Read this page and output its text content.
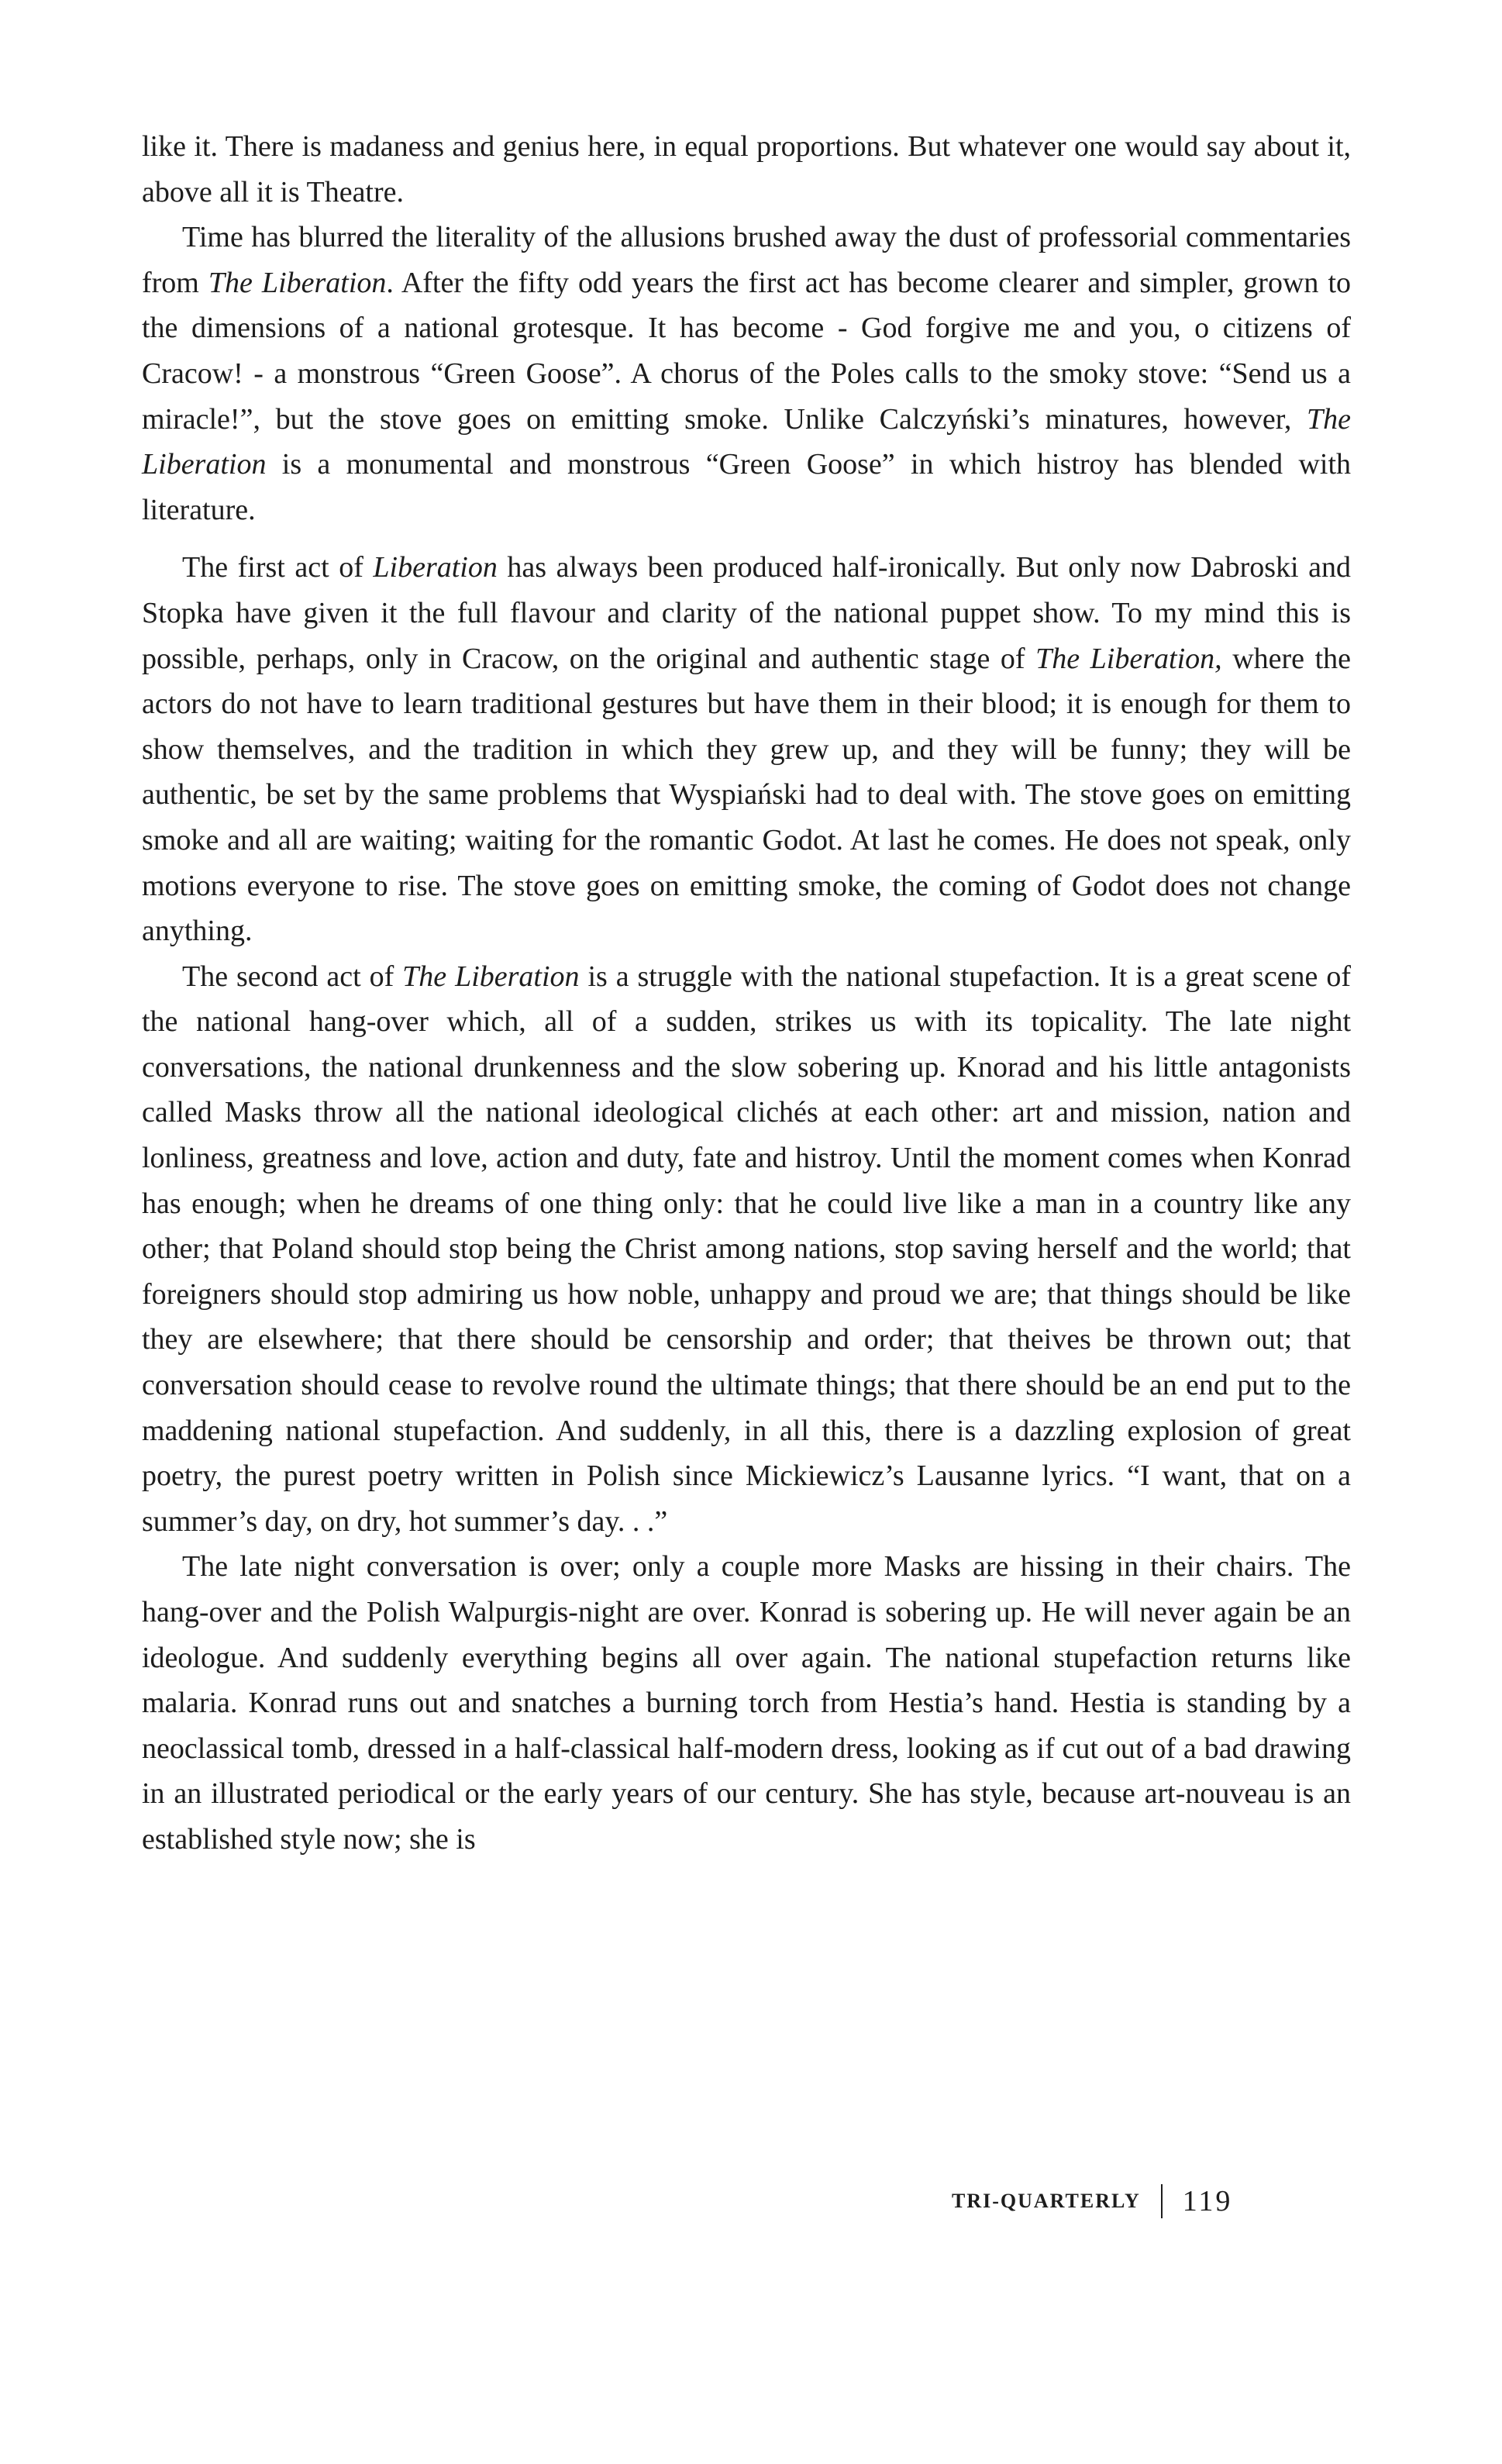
like it. There is madaness and genius here, in equal proportions. But whatever one would say about it, above all it is Theatre.

Time has blurred the literality of the allusions brushed away the dust of professorial commentaries from The Liberation. After the fifty odd years the first act has become clearer and simpler, grown to the dimensions of a national grotesque. It has become - God forgive me and you, o citizens of Cracow! - a monstrous “Green Goose”. A chorus of the Poles calls to the smoky stove: “Send us a miracle!”, but the stove goes on emitting smoke. Unlike Calczyński’s minatures, however, The Liberation is a monumental and monstrous “Green Goose” in which histroy has blended with literature.

The first act of Liberation has always been produced half-ironically. But only now Dabroski and Stopka have given it the full flavour and clarity of the national puppet show. To my mind this is possible, perhaps, only in Cracow, on the original and authentic stage of The Liberation, where the actors do not have to learn traditional gestures but have them in their blood; it is enough for them to show themselves, and the tradition in which they grew up, and they will be funny; they will be authentic, be set by the same problems that Wyspiański had to deal with. The stove goes on emitting smoke and all are waiting; waiting for the romantic Godot. At last he comes. He does not speak, only motions everyone to rise. The stove goes on emitting smoke, the coming of Godot does not change anything.

The second act of The Liberation is a struggle with the national stupefaction. It is a great scene of the national hang-over which, all of a sudden, strikes us with its topicality. The late night conversations, the national drunkenness and the slow sobering up. Knorad and his little antagonists called Masks throw all the national ideological clichés at each other: art and mission, nation and lonliness, greatness and love, action and duty, fate and histroy. Until the moment comes when Konrad has enough; when he dreams of one thing only: that he could live like a man in a country like any other; that Poland should stop being the Christ among nations, stop saving herself and the world; that foreigners should stop admiring us how noble, unhappy and proud we are; that things should be like they are elsewhere; that there should be censorship and order; that theives be thrown out; that conversation should cease to revolve round the ultimate things; that there should be an end put to the maddening national stupefaction. And suddenly, in all this, there is a dazzling explosion of great poetry, the purest poetry written in Polish since Mickiewicz’s Lausanne lyrics. “I want, that on a summer’s day, on dry, hot summer’s day. . .”

The late night conversation is over; only a couple more Masks are hissing in their chairs. The hang-over and the Polish Walpurgis-night are over. Konrad is sobering up. He will never again be an ideologue. And suddenly everything begins all over again. The national stupefaction returns like malaria. Konrad runs out and snatches a burning torch from Hestia’s hand. Hestia is standing by a neoclassical tomb, dressed in a half-classical half-modern dress, looking as if cut out of a bad drawing in an illustrated periodical or the early years of our century. She has style, because art-nouveau is an established style now; she is

TRI-QUARTERLY 119
